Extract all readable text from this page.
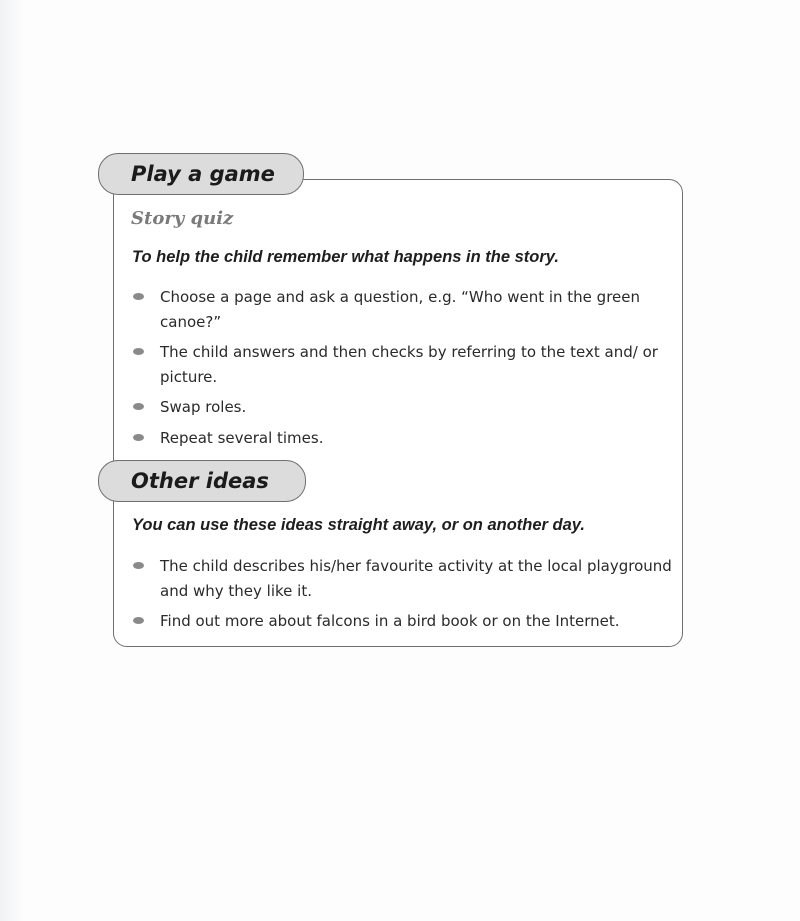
Play a game
Story quiz
To help the child remember what happens in the story.
Choose a page and ask a question, e.g. “Who went in the green canoe?”
The child answers and then checks by referring to the text and/ or picture.
Swap roles.
Repeat several times.
Other ideas
You can use these ideas straight away, or on another day.
The child describes his/her favourite activity at the local playground and why they like it.
Find out more about falcons in a bird book or on the Internet.
